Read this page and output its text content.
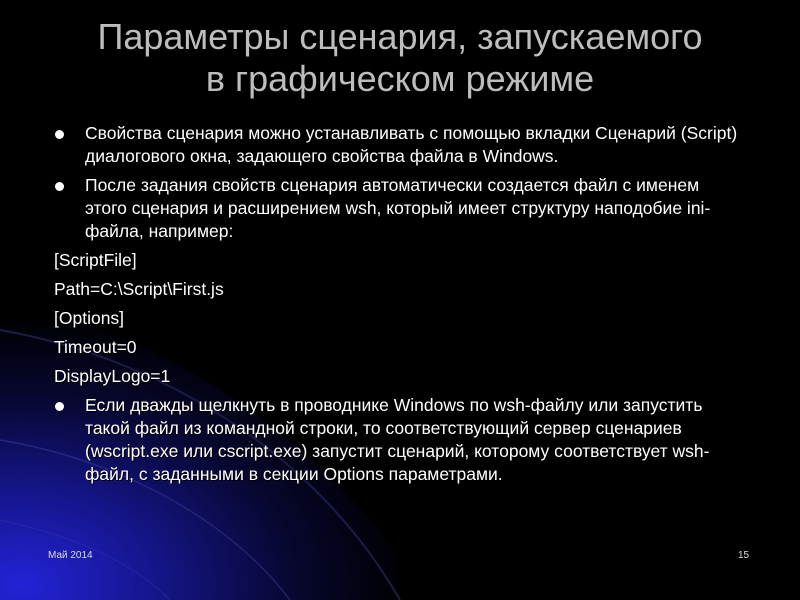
Параметры сценария, запускаемого
в графическом режиме
Свойства сценария можно устанавливать с помощью вкладки Сценарий (Script) диалогового окна, задающего свойства файла в Windows.
После задания свойств сценария автоматически создается файл с именем этого сценария и расширением wsh, который имеет структуру наподобие ini-файла, например:
[ScriptFile]
Path=C:\Script\First.js
[Options]
Timeout=0
DisplayLogo=1
Если дважды щелкнуть в проводнике Windows по wsh-файлу или запустить такой файл из командной строки, то соответствующий сервер сценариев (wscript.exe или cscript.exe) запустит сценарий, которому соответствует wsh-файл, с заданными в секции Options параметрами.
Май 2014	15
